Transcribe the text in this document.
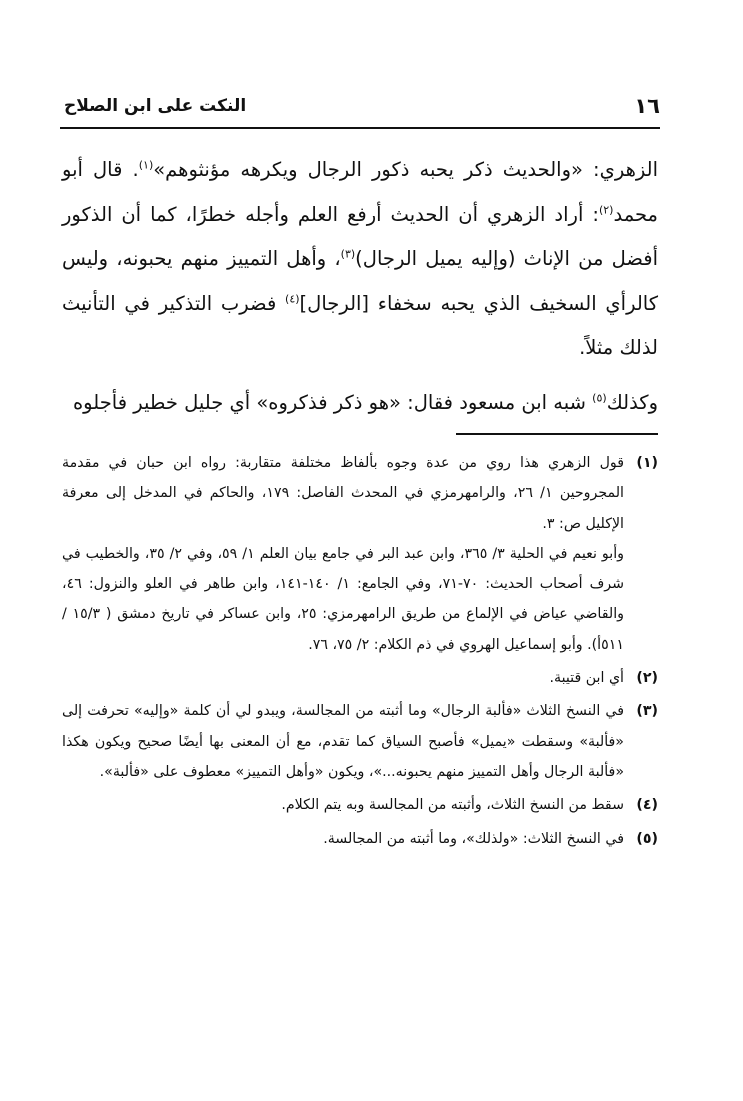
١٦
النكت على ابن الصلاح

الزهري: «والحديث ذكر يحبه ذكور الرجال ويكرهه مؤنثوهم»$^{(١)}$. قال أبو محمد$^{(٢)}$: أراد الزهري أن الحديث أرفع العلم وأجله خطرًا، كما أن الذكور أفضل من الإناث (وإليه يميل الرجال)$^{(٣)}$، وأهل التمييز منهم يحبونه، وليس كالرأي السخيف الذي يحبه سخفاء [الرجال]$^{(٤)}$ فضرب التذكير في التأنيث لذلك مثلاً.

وكذلك$^{(٥)}$ شبه ابن مسعود فقال: «هو ذكر فذكروه» أي جليل خطير فأجلوه

(١)
قول الزهري هذا روي من عدة وجوه بألفاظ مختلفة متقاربة: رواه ابن حبان في مقدمة المجروحين ١/ ٢٦، والرامهرمزي في المحدث الفاصل: ١٧٩، والحاكم في المدخل إلى معرفة الإكليل ص: ٣.
وأبو نعيم في الحلية ٣/ ٣٦٥، وابن عبد البر في جامع بيان العلم ١/ ٥٩، وفي ٢/ ٣٥، والخطيب في شرف أصحاب الحديث: ٧٠-٧١، وفي الجامع: ١/ ١٤٠-١٤١، وابن طاهر في العلو والنزول: ٤٦، والقاضي عياض في الإلماع من طريق الرامهرمزي: ٢٥، وابن عساكر في تاريخ دمشق ( ١٥/٣ / ٥١١أ). وأبو إسماعيل الهروي في ذم الكلام: ٢/ ٧٥، ٧٦.
(٢)
أي ابن قتيبة.
(٣)
في النسخ الثلاث «فألبة الرجال» وما أثبته من المجالسة، ويبدو لي أن كلمة «وإليه» تحرفت إلى «فألبة» وسقطت «يميل» فأصبح السياق كما تقدم، مع أن المعنى بها أيضًا صحيح ويكون هكذا «فألبة الرجال وأهل التمييز منهم يحبونه...»، ويكون «وأهل التمييز» معطوف على «فألبة».
(٤)
سقط من النسخ الثلاث، وأثبته من المجالسة وبه يتم الكلام.
(٥)
في النسخ الثلاث: «ولذلك»، وما أثبته من المجالسة.
